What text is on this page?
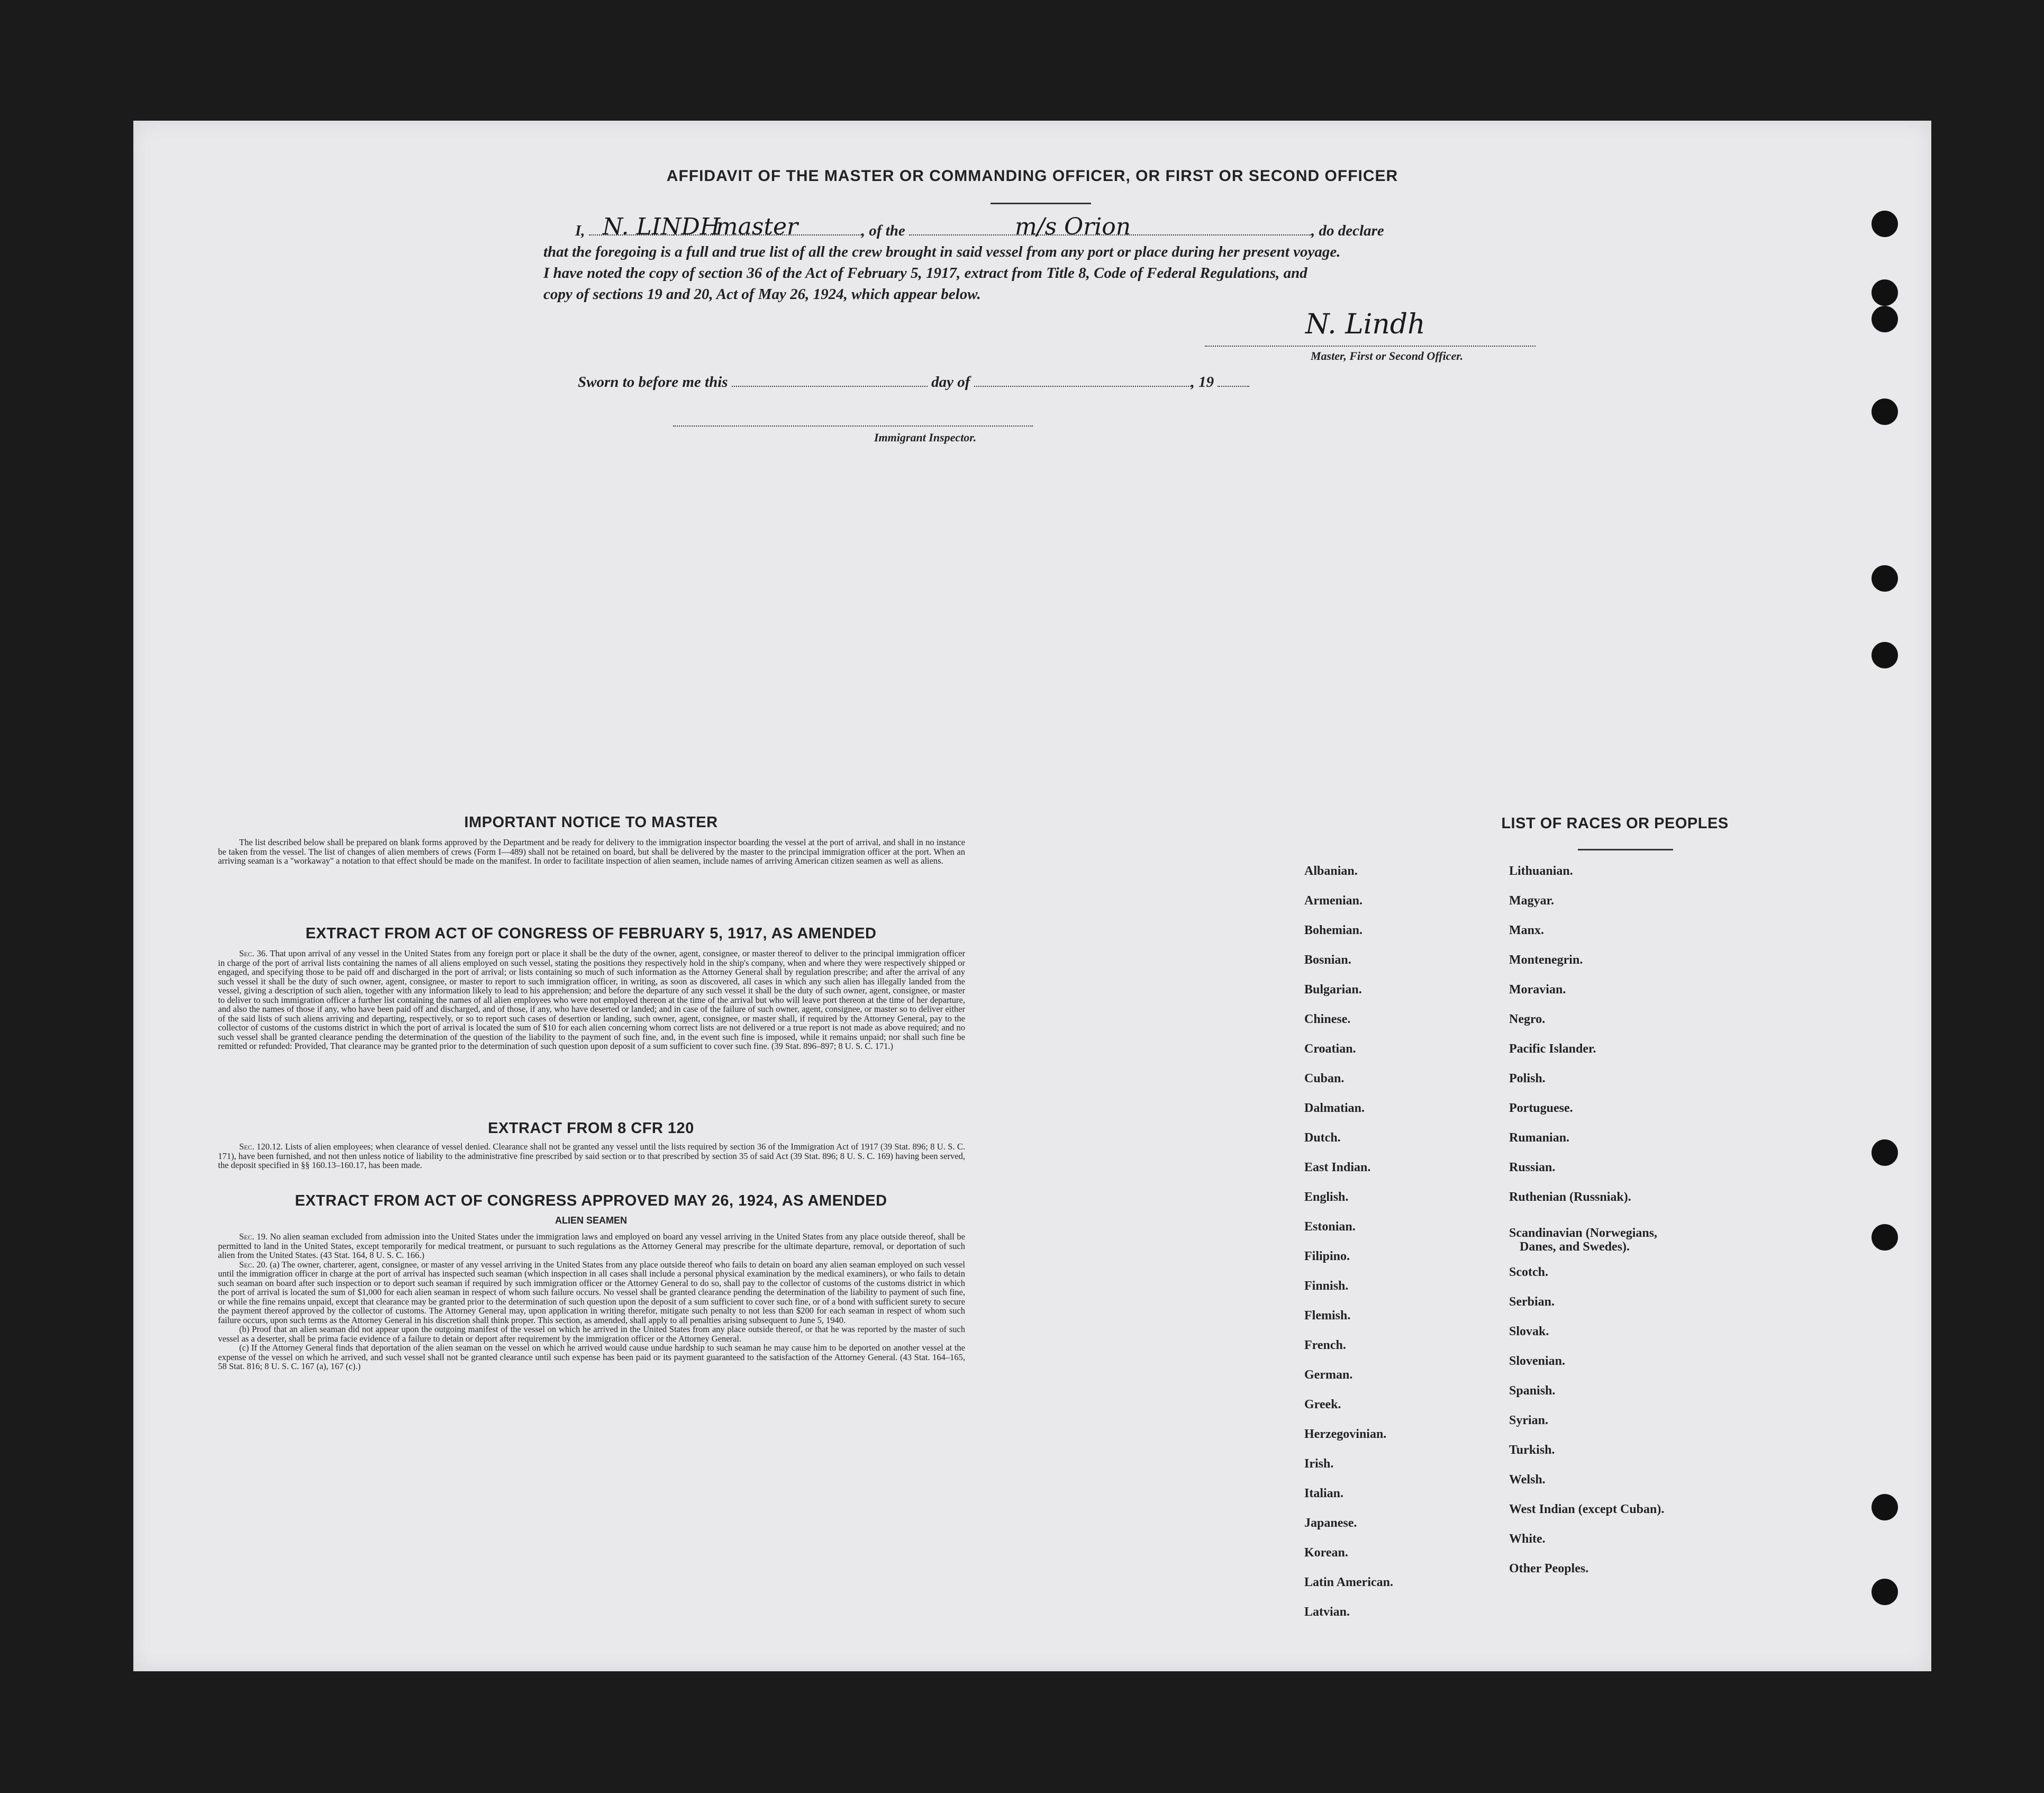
AFFIDAVIT OF THE MASTER OR COMMANDING OFFICER, OR FIRST OR SECOND OFFICER
I, N. LINDH
master	, of the	m/s Orion	, do declare
that the foregoing is a full and true list of all the crew brought in said vessel from any port or place during her present voyage.
I have noted the copy of section 36 of the Act of February 5, 1917, extract from Title 8, Code of Federal Regulations, and
copy of sections 19 and 20, Act of May 26, 1924, which appear below.
N. Lindh
Master, First or Second Officer.
Sworn to before me this	day of	, 19
Immigrant Inspector.
IMPORTANT NOTICE TO MASTER

The list described below shall be prepared on blank forms approved by the Department and be ready for delivery to the immigration inspector boarding the vessel at the port of arrival, and shall in no instance be taken from the vessel. The list of changes of alien members of crews (Form I—489) shall not be retained on board, but shall be delivered by the master to the principal immigration officer at the port. When an arriving seaman is a "workaway" a notation to that effect should be made on the manifest. In order to facilitate inspection of alien seamen, include names of arriving American citizen seamen as well as aliens.

EXTRACT FROM ACT OF CONGRESS OF FEBRUARY 5, 1917, AS AMENDED

Sec. 36. That upon arrival of any vessel in the United States from any foreign port or place it shall be the duty of the owner, agent, consignee, or master thereof to deliver to the principal immigration officer in charge of the port of arrival lists containing the names of all aliens employed on such vessel, stating the positions they respectively hold in the ship's company, when and where they were respectively shipped or engaged, and specifying those to be paid off and discharged in the port of arrival; or lists containing so much of such information as the Attorney General shall by regulation prescribe; and after the arrival of any such vessel it shall be the duty of such owner, agent, consignee, or master to report to such immigration officer, in writing, as soon as discovered, all cases in which any such alien has illegally landed from the vessel, giving a description of such alien, together with any information likely to lead to his apprehension; and before the departure of any such vessel it shall be the duty of such owner, agent, consignee, or master to deliver to such immigration officer a further list containing the names of all alien employees who were not employed thereon at the time of the arrival but who will leave port thereon at the time of her departure, and also the names of those if any, who have been paid off and discharged, and of those, if any, who have deserted or landed; and in case of the failure of such owner, agent, consignee, or master so to deliver either of the said lists of such aliens arriving and departing, respectively, or so to report such cases of desertion or landing, such owner, agent, consignee, or master shall, if required by the Attorney General, pay to the collector of customs of the customs district in which the port of arrival is located the sum of $10 for each alien concerning whom correct lists are not delivered or a true report is not made as above required; and no such vessel shall be granted clearance pending the determination of the question of the liability to the payment of such fine, and, in the event such fine is imposed, while it remains unpaid; nor shall such fine be remitted or refunded: Provided, That clearance may be granted prior to the determination of such question upon deposit of a sum sufficient to cover such fine. (39 Stat. 896–897; 8 U. S. C. 171.)

EXTRACT FROM 8 CFR 120

Sec. 120.12. Lists of alien employees; when clearance of vessel denied. Clearance shall not be granted any vessel until the lists required by section 36 of the Immigration Act of 1917 (39 Stat. 896; 8 U. S. C. 171), have been furnished, and not then unless notice of liability to the administrative fine prescribed by said section or to that prescribed by section 35 of said Act (39 Stat. 896; 8 U. S. C. 169) having been served, the deposit specified in §§ 160.13–160.17, has been made.

EXTRACT FROM ACT OF CONGRESS APPROVED MAY 26, 1924, AS AMENDED
ALIEN SEAMEN

Sec. 19. No alien seaman excluded from admission into the United States under the immigration laws and employed on board any vessel arriving in the United States from any place outside thereof, shall be permitted to land in the United States, except temporarily for medical treatment, or pursuant to such regulations as the Attorney General may prescribe for the ultimate departure, removal, or deportation of such alien from the United States. (43 Stat. 164, 8 U. S. C. 166.)

Sec. 20. (a) The owner, charterer, agent, consignee, or master of any vessel arriving in the United States from any place outside thereof who fails to detain on board any alien seaman employed on such vessel until the immigration officer in charge at the port of arrival has inspected such seaman (which inspection in all cases shall include a personal physical examination by the medical examiners), or who fails to detain such seaman on board after such inspection or to deport such seaman if required by such immigration officer or the Attorney General to do so, shall pay to the collector of customs of the customs district in which the port of arrival is located the sum of $1,000 for each alien seaman in respect of whom such failure occurs. No vessel shall be granted clearance pending the determination of the liability to payment of such fine, or while the fine remains unpaid, except that clearance may be granted prior to the determination of such question upon the deposit of a sum sufficient to cover such fine, or of a bond with sufficient surety to secure the payment thereof approved by the collector of customs. The Attorney General may, upon application in writing therefor, mitigate such penalty to not less than $200 for each seaman in respect of whom such failure occurs, upon such terms as the Attorney General in his discretion shall think proper. This section, as amended, shall apply to all penalties arising subsequent to June 5, 1940.

(b) Proof that an alien seaman did not appear upon the outgoing manifest of the vessel on which he arrived in the United States from any place outside thereof, or that he was reported by the master of such vessel as a deserter, shall be prima facie evidence of a failure to detain or deport after requirement by the immigration officer or the Attorney General.

(c) If the Attorney General finds that deportation of the alien seaman on the vessel on which he arrived would cause undue hardship to such seaman he may cause him to be deported on another vessel at the expense of the vessel on which he arrived, and such vessel shall not be granted clearance until such expense has been paid or its payment guaranteed to the satisfaction of the Attorney General. (43 Stat. 164–165, 58 Stat. 816; 8 U. S. C. 167 (a), 167 (c).)

LIST OF RACES OR PEOPLES
Albanian.
Armenian.
Bohemian.
Bosnian.
Bulgarian.
Chinese.
Croatian.
Cuban.
Dalmatian.
Dutch.
East Indian.
English.
Estonian.
Filipino.
Finnish.
Flemish.
French.
German.
Greek.
Herzegovinian.
Irish.
Italian.
Japanese.
Korean.
Latin American.
Latvian.
Lithuanian.
Magyar.
Manx.
Montenegrin.
Moravian.
Negro.
Pacific Islander.
Polish.
Portuguese.
Rumanian.
Russian.
Ruthenian (Russniak).
Scandinavian (Norwegians,
Danes, and Swedes).
Scotch.
Serbian.
Slovak.
Slovenian.
Spanish.
Syrian.
Turkish.
Welsh.
West Indian (except Cuban).
White.
Other Peoples.
